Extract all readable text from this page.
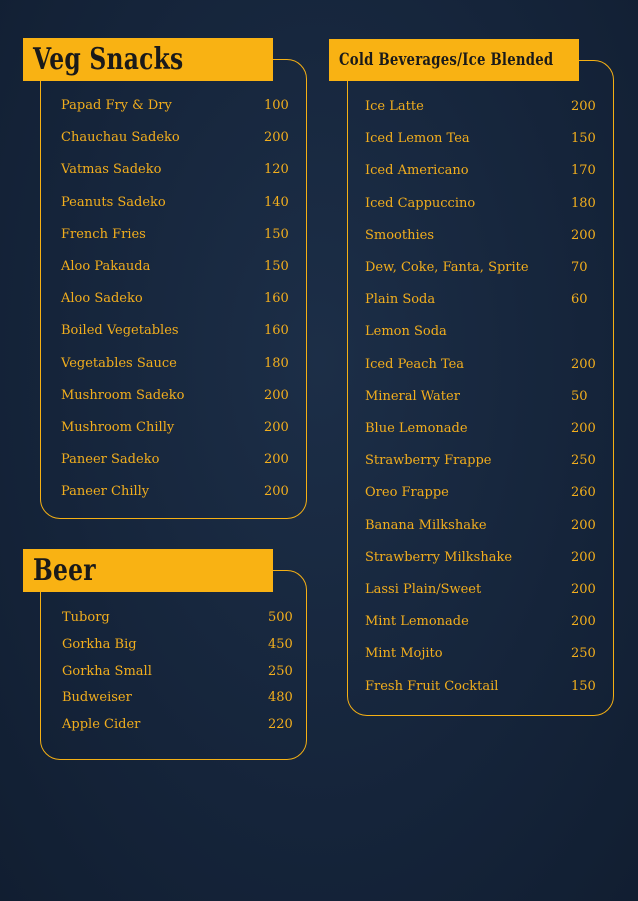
Veg Snacks
Papad Fry & Dry	100
Chauchau Sadeko	200
Vatmas Sadeko	120
Peanuts Sadeko	140
French Fries	150
Aloo Pakauda	150
Aloo Sadeko	160
Boiled Vegetables	160
Vegetables Sauce	180
Mushroom Sadeko	200
Mushroom Chilly	200
Paneer Sadeko	200
Paneer Chilly	200
Beer
Tuborg	500
Gorkha Big	450
Gorkha Small	250
Budweiser	480
Apple Cider	220
Cold Beverages/Ice Blended
Ice Latte	200
Iced Lemon Tea	150
Iced Americano	170
Iced Cappuccino	180
Smoothies	200
Dew, Coke, Fanta, Sprite	70
Plain Soda	60
Lemon Soda
Iced Peach Tea	200
Mineral Water	50
Blue Lemonade	200
Strawberry Frappe	250
Oreo Frappe	260
Banana Milkshake	200
Strawberry Milkshake	200
Lassi Plain/Sweet	200
Mint Lemonade	200
Mint Mojito	250
Fresh Fruit Cocktail	150
